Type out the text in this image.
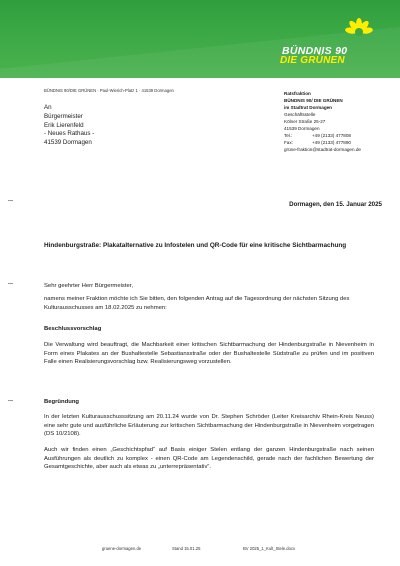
BÜNDNIS 90
DIE GRÜNEN
BÜNDNIS 90/DIE GRÜNEN · Paul-Wierich-Platz 1 · 41539 Dormagen
An
Bürgermeister
Erik Lierenfeld
- Neues Rathaus -
41539 Dormagen
Ratsfraktion
BÜNDNIS 90/ DIE GRÜNEN
im Stadtrat Dormagen
Geschäftsstelle
Kölner Straße 25-27
41539 Dormagen
Tel.:	+49 (2133) 477808
Fax:	+49 (2133) 477890
grüne-fraktion@stadtrat-dormagen.de
Dormagen, den 15. Januar 2025
Hindenburgstraße: Plakatalternative zu Infostelen und QR-Code für eine kritische Sichtbarmachung
Sehr geehrter Herr Bürgermeister,
namens meiner Fraktion möchte ich Sie bitten, den folgenden Antrag auf die Tagesordnung der nächsten Sitzung des Kulturausschusses am 18.02.2025 zu nehmen:
Beschlussvorschlag
Die Verwaltung wird beauftragt, die Machbarkeit einer kritischen Sichtbarmachung der Hindenburgstraße in Nievenheim in Form eines Plakates an der Bushaltestelle Sebastiansstraße oder der Bushaltestelle Südstraße zu prüfen und im positiven Falle einen Realisierungsvorschlag bzw. Realisierungsweg vorzustellen.
Begründung
In der letzten Kulturausschusssitzung am 20.11.24 wurde von Dr. Stephen Schröder (Leiter Kreisarchiv Rhein-Kreis Neuss) eine sehr gute und ausführliche Erläuterung zur kritischen Sichtbarmachung der Hindenburgstraße in Nievenheim vorgetragen (DS 10/2108).
Auch wir finden einen „Geschichtspfad“ auf Basis einiger Stelen entlang der ganzen Hindenburgstraße nach seinen Ausführungen als deutlich zu komplex - einen QR-Code am Legendenschild, gerade nach der fachlichen Bewertung der Gesamtgeschichte, aber auch als etwas zu „unterrepräsentativ“.
gruene-dormagen.de	Stand 15.01.25	BV 2025_1_Kult_Stele.docx
